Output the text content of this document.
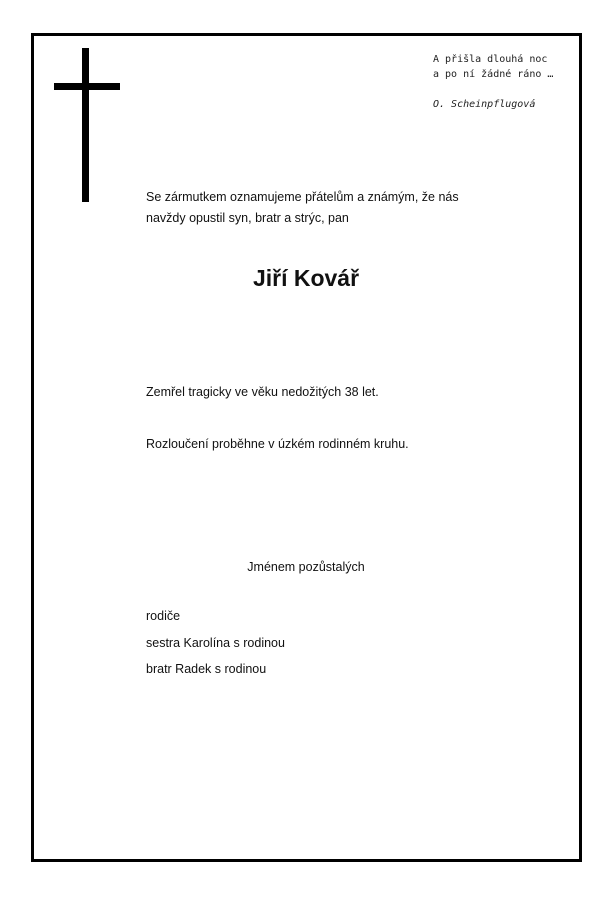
A přišla dlouhá noc
a po ní žádné ráno …
O. Scheinpflugová
Se zármutkem oznamujeme přátelům a známým, že nás
navždy opustil syn, bratr a strýc, pan
Jiří Kovář
Zemřel tragicky ve věku nedožitých 38 let.
Rozloučení proběhne v úzkém rodinném kruhu.
Jménem pozůstalých
rodiče
sestra Karolína s rodinou
bratr Radek s rodinou
